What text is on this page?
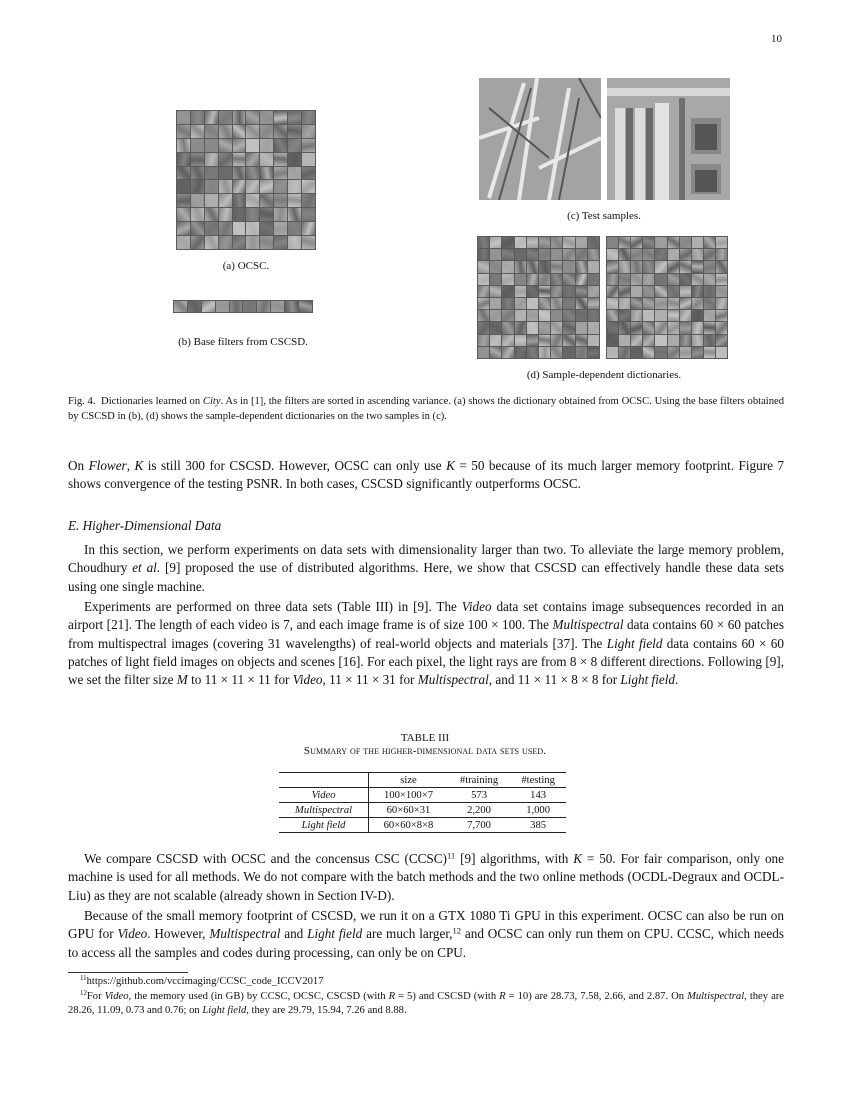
10
(a) OCSC.
(b) Base filters from CSCSD.
(c) Test samples.
(d) Sample-dependent dictionaries.
Fig. 4. Dictionaries learned on City. As in [1], the filters are sorted in ascending variance. (a) shows the dictionary obtained from OCSC. Using the base filters obtained by CSCSD in (b), (d) shows the sample-dependent dictionaries on the two samples in (c).
On Flower, K is still 300 for CSCSD. However, OCSC can only use K = 50 because of its much larger memory footprint. Figure 7 shows convergence of the testing PSNR. In both cases, CSCSD significantly outperforms OCSC.
E. Higher-Dimensional Data
In this section, we perform experiments on data sets with dimensionality larger than two. To alleviate the large memory problem, Choudhury et al. [9] proposed the use of distributed algorithms. Here, we show that CSCSD can effectively handle these data sets using one single machine.
Experiments are performed on three data sets (Table III) in [9]. The Video data set contains image subsequences recorded in an airport [21]. The length of each video is 7, and each image frame is of size 100 × 100. The Multispectral data contains 60 × 60 patches from multispectral images (covering 31 wavelengths) of real-world objects and materials [37]. The Light field data contains 60 × 60 patches of light field images on objects and scenes [16]. For each pixel, the light rays are from 8 × 8 different directions. Following [9], we set the filter size M to 11 × 11 × 11 for Video, 11 × 11 × 31 for Multispectral, and 11 × 11 × 8 × 8 for Light field.
TABLE III
Summary of the higher-dimensional data sets used.
	size	#training	#testing
Video	100×100×7	573	143
Multispectral	60×60×31	2,200	1,000
Light field	60×60×8×8	7,700	385
We compare CSCSD with OCSC and the concensus CSC (CCSC)$^{11}$ [9] algorithms, with K = 50. For fair comparison, only one machine is used for all methods. We do not compare with the batch methods and the two online methods (OCDL-Degraux and OCDL-Liu) as they are not scalable (already shown in Section IV-D).
Because of the small memory footprint of CSCSD, we run it on a GTX 1080 Ti GPU in this experiment. OCSC can also be run on GPU for Video. However, Multispectral and Light field are much larger,$^{12}$ and OCSC can only run them on CPU. CCSC, which needs to access all the samples and codes during processing, can only be on CPU.
$^{11}$https://github.com/vccimaging/CCSC_code_ICCV2017
$^{12}$For Video, the memory used (in GB) by CCSC, OCSC, CSCSD (with R = 5) and CSCSD (with R = 10) are 28.73, 7.58, 2.66, and 2.87. On Multispectral, they are 28.26, 11.09, 0.73 and 0.76; on Light field, they are 29.79, 15.94, 7.26 and 8.88.
